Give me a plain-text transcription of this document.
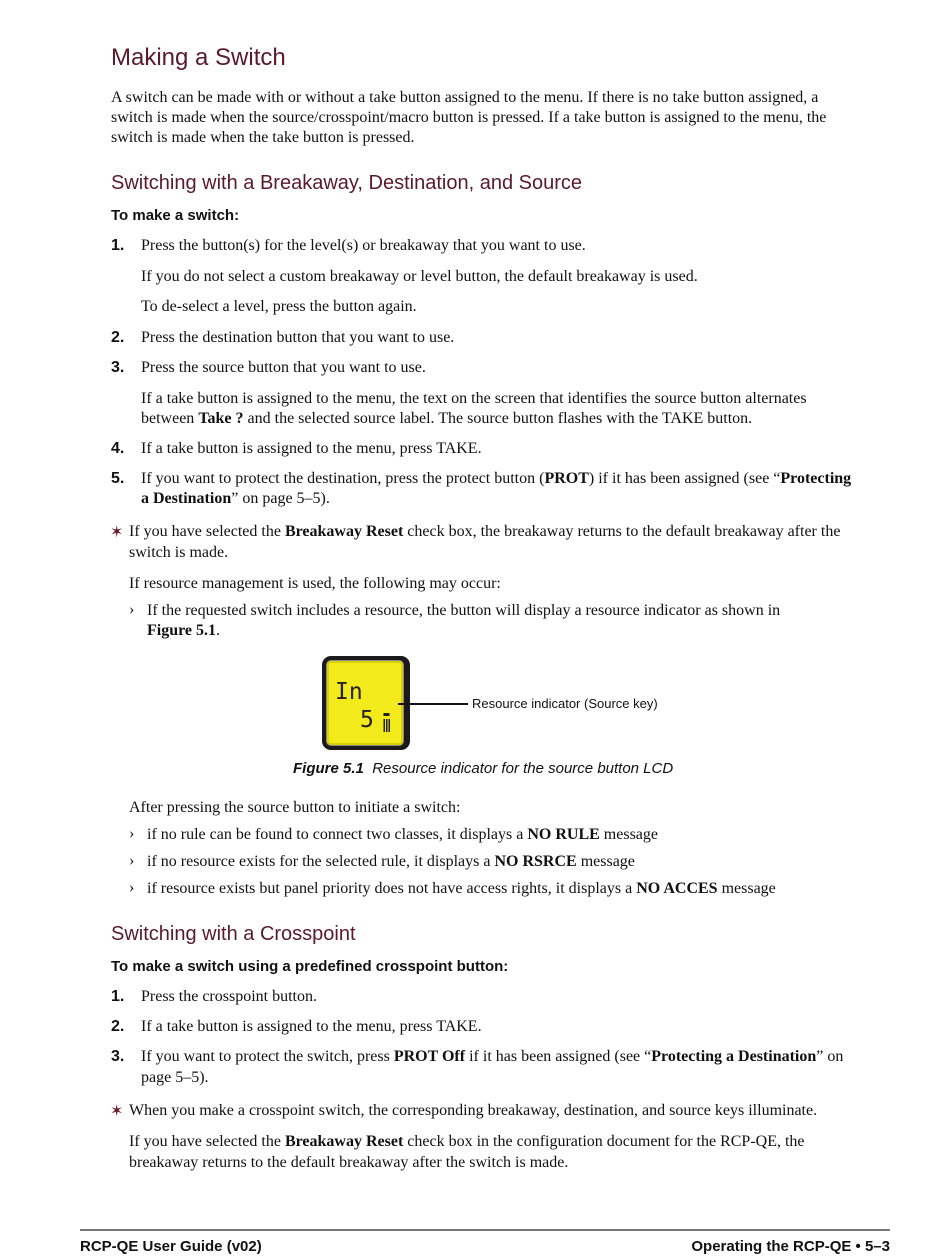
Making a Switch
A switch can be made with or without a take button assigned to the menu. If there is no take button assigned, a
switch is made when the source/crosspoint/macro button is pressed. If a take button is assigned to the menu, the
switch is made when the take button is pressed.
Switching with a Breakaway, Destination, and Source
To make a switch:
1. Press the button(s) for the level(s) or breakaway that you want to use.
If you do not select a custom breakaway or level button, the default breakaway is used.
To de-select a level, press the button again.
2. Press the destination button that you want to use.
3. Press the source button that you want to use.
If a take button is assigned to the menu, the text on the screen that identifies the source button alternates
between Take ? and the selected source label. The source button flashes with the TAKE button.
4. If a take button is assigned to the menu, press TAKE.
5. If you want to protect the destination, press the protect button (PROT) if it has been assigned (see “Protecting
a Destination” on page 5–5).
✶ If you have selected the Breakaway Reset check box, the breakaway returns to the default breakaway after the
switch is made.
If resource management is used, the following may occur:
› If the requested switch includes a resource, the button will display a resource indicator as shown in
Figure 5.1.
In
5
Resource indicator (Source key)
Figure 5.1 Resource indicator for the source button LCD
After pressing the source button to initiate a switch:
› if no rule can be found to connect two classes, it displays a NO RULE message
› if no resource exists for the selected rule, it displays a NO RSRCE message
› if resource exists but panel priority does not have access rights, it displays a NO ACCES message
Switching with a Crosspoint
To make a switch using a predefined crosspoint button:
1. Press the crosspoint button.
2. If a take button is assigned to the menu, press TAKE.
3. If you want to protect the switch, press PROT Off if it has been assigned (see “Protecting a Destination” on
page 5–5).
✶ When you make a crosspoint switch, the corresponding breakaway, destination, and source keys illuminate.
If you have selected the Breakaway Reset check box in the configuration document for the RCP-QE, the
breakaway returns to the default breakaway after the switch is made.
RCP-QE User Guide (v02)	Operating the RCP-QE • 5–3
